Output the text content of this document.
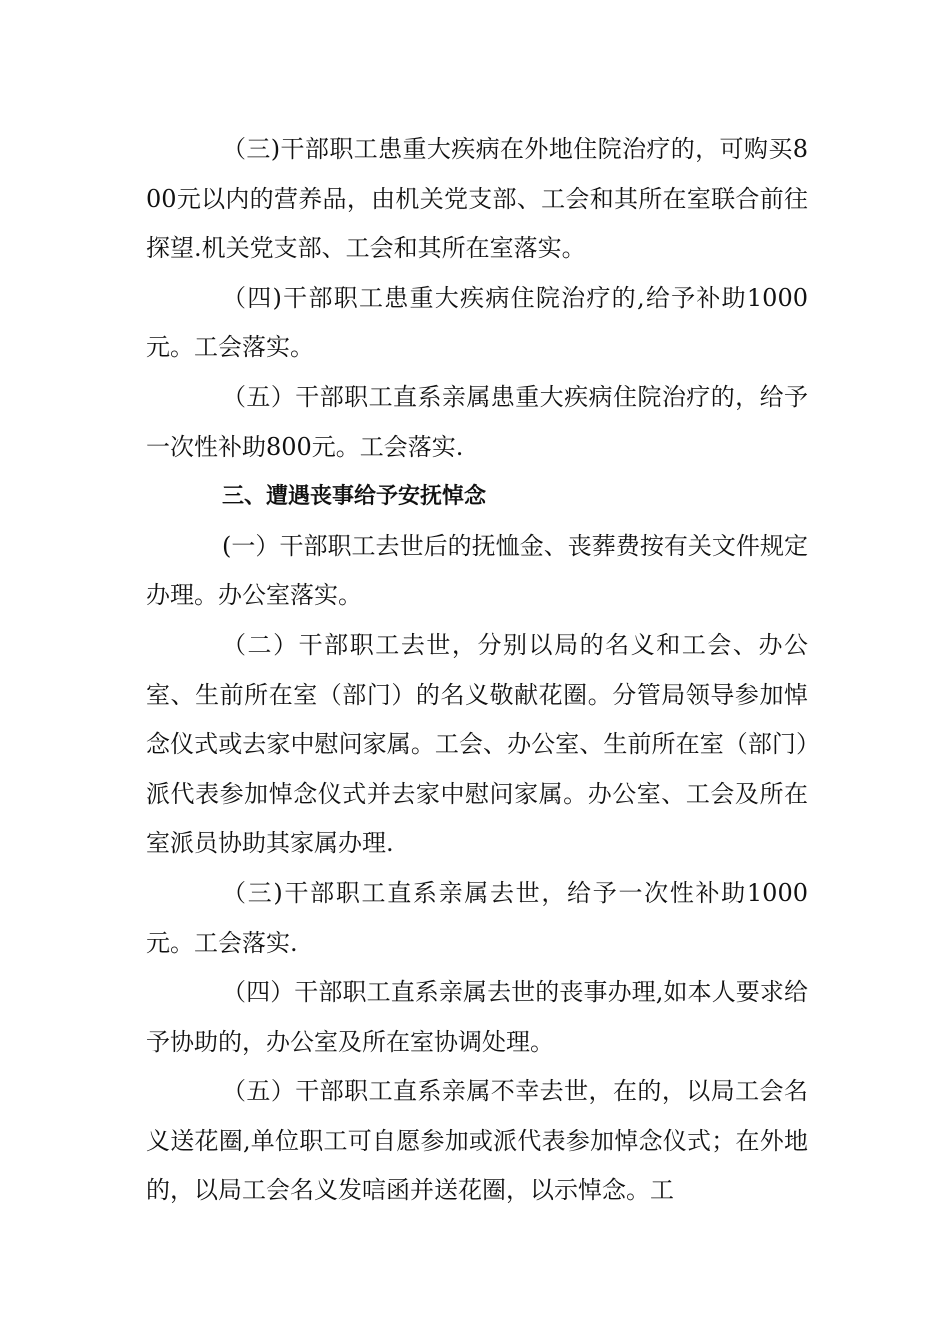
（三)干部职工患重大疾病在外地住院治疗的，可购买800元以内的营养品，由机关党支部、工会和其所在室联合前往探望.机关党支部、工会和其所在室落实。

（四)干部职工患重大疾病住院治疗的,给予补助1000元。工会落实。

（五）干部职工直系亲属患重大疾病住院治疗的，给予一次性补助800元。工会落实.

三、遭遇丧事给予安抚悼念

(一）干部职工去世后的抚恤金、丧葬费按有关文件规定办理。办公室落实。

（二）干部职工去世，分别以局的名义和工会、办公室、生前所在室（部门）的名义敬献花圈。分管局领导参加悼念仪式或去家中慰问家属。工会、办公室、生前所在室（部门）派代表参加悼念仪式并去家中慰问家属。办公室、工会及所在室派员协助其家属办理.

（三)干部职工直系亲属去世，给予一次性补助1000元。工会落实.

（四）干部职工直系亲属去世的丧事办理,如本人要求给予协助的，办公室及所在室协调处理。

（五）干部职工直系亲属不幸去世，在的，以局工会名义送花圈,单位职工可自愿参加或派代表参加悼念仪式；在外地的，以局工会名义发唁函并送花圈，以示悼念。工
